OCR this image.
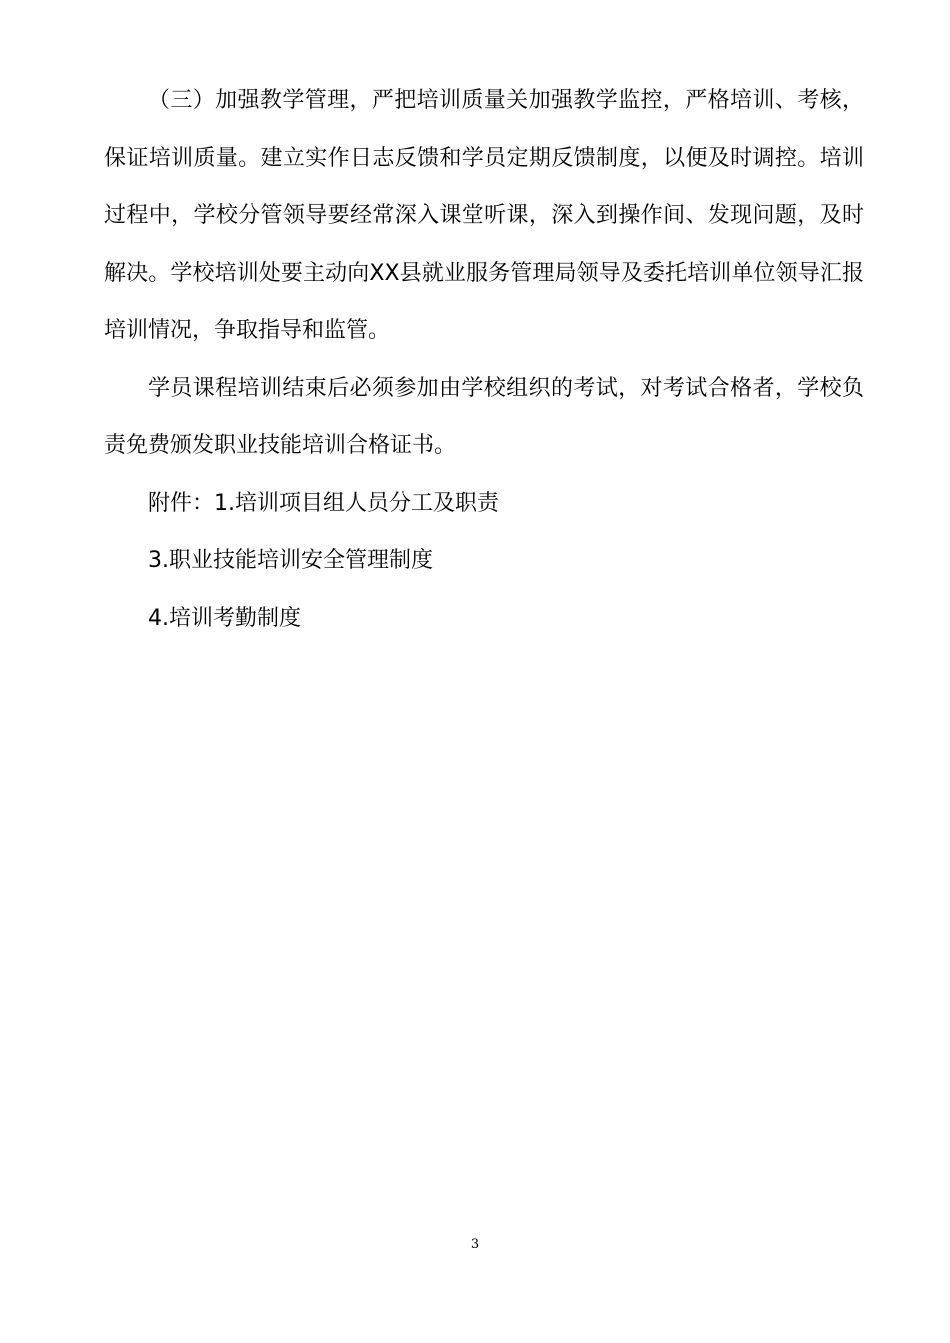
（三）加强教学管理，严把培训质量关加强教学监控，严格培训、考核，保证培训质量。建立实作日志反馈和学员定期反馈制度，以便及时调控。培训过程中，学校分管领导要经常深入课堂听课，深入到操作间、发现问题，及时解决。学校培训处要主动向XX县就业服务管理局领导及委托培训单位领导汇报培训情况，争取指导和监管。

学员课程培训结束后必须参加由学校组织的考试，对考试合格者，学校负责免费颁发职业技能培训合格证书。

附件：1.培训项目组人员分工及职责

3.职业技能培训安全管理制度

4.培训考勤制度

3
